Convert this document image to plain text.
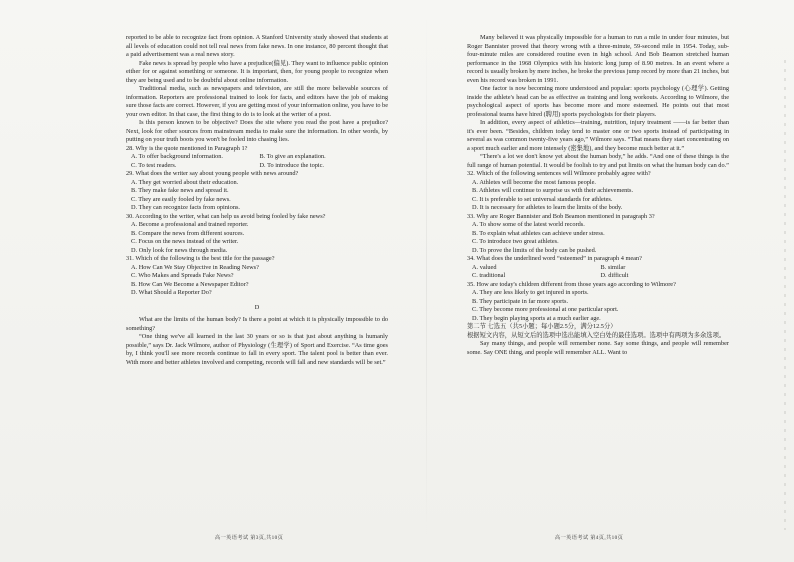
reported to be able to recognize fact from opinion. A Stanford University study showed that students at all levels of education could not tell real news from fake news. In one instance, 80 percent thought that a paid advertisement was a real news story.

Fake news is spread by people who have a prejudice(偏见). They want to influence public opinion either for or against something or someone. It is important, then, for young people to recognize when they are being used and to be doubtful about online information.

Traditional media, such as newspapers and television, are still the more believable sources of information. Reporters are professional trained to look for facts, and editors have the job of making sure those facts are correct. However, if you are getting most of your information online, you have to be your own editor. In that case, the first thing to do is to look at the writer of a post.

Is this person known to be objective? Does the site where you read the post have a prejudice? Next, look for other sources from mainstream media to make sure the information. In other words, by putting on your truth boots you won't be fooled into chasing lies.

28. Why is the quote mentioned in Paragraph 1?

A. To offer background information.	B. To give an explanation.
C. To test readers.	D. To introduce the topic.

29. What does the writer say about young people with news around?

A. They get worried about their education.

B. They make fake news and spread it.

C. They are easily fooled by fake news.

D. They can recognize facts from opinions.

30. According to the writer, what can help us avoid being fooled by fake news?

A. Become a professional and trained reporter.

B. Compare the news from different sources.

C. Focus on the news instead of the writer.

D. Only look for news through media.

31. Which of the following is the best title for the passage?

A. How Can We Stay Objective in Reading News?

C. Who Makes and Spreads Fake News?

B. How Can We Become a Newspaper Editor?

D. What Should a Reporter Do?

D

What are the limits of the human body? Is there a point at which it is physically impossible to do something?

“One thing we've all learned in the last 30 years or so is that just about anything is humanly possible,” says Dr. Jack Wilmore, author of Physiology (生理学) of Sport and Exercise. “As time goes by, I think you'll see more records continue to fall in every sport. The talent pool is better than ever. With more and better athletes involved and competing, records will fall and new standards will be set.”

Many believed it was physically impossible for a human to run a mile in under four minutes, but Roger Bannister proved that theory wrong with a three-minute, 59-second mile in 1954. Today, sub-four-minute miles are considered routine even in high school. And Bob Beamon stretched human performance in the 1968 Olympics with his historic long jump of 8.90 metres. In an event where a record is usually broken by mere inches, he broke the previous jump record by more than 21 inches, but even his record was broken in 1991.

One factor is now becoming more understood and popular: sports psychology (心理学). Getting inside the athlete's head can be as effective as training and long workouts. According to Wilmore, the psychological aspect of sports has become more and more esteemed. He points out that most professional teams have hired (聘用) sports psychologists for their players.

In addition, every aspect of athletics—training, nutrition, injury treatment ——is far better than it's ever been. “Besides, children today tend to master one or two sports instead of participating in several as was common twenty-five years ago,” Wilmore says. “That means they start concentrating on a sport much earlier and more intensely (密集地), and they become much better at it.”

“There's a lot we don't know yet about the human body,” he adds. “And one of these things is the full range of human potential. It would be foolish to try and put limits on what the human body can do.”

32. Which of the following sentences will Wilmore probably agree with?

A. Athletes will become the most famous people.

B. Athletes will continue to surprise us with their achievements.

C. It is preferable to set universal standards for athletes.

D. It is necessary for athletes to learn the limits of the body.

33. Why are Roger Bannister and Bob Beamon mentioned in paragraph 3?

A. To show some of the latest world records.

B. To explain what athletes can achieve under stress.

C. To introduce two great athletes.

D. To prove the limits of the body can be pushed.

34. What does the underlined word “esteemed” in paragraph 4 mean?

A. valued	B. similar
C. traditional	D. difficult

35. How are today's children different from those years ago according to Wilmore?

A. They are less likely to get injured in sports.

B. They participate in far more sports.

C. They become more professional at one particular sport.

D. They begin playing sports at a much earlier age.

第二节 七选五（共5小题；每小题2.5分，满分12.5分）

根据短文内容，从短文后的选项中选出能填入空白处的最佳选项。选项中有两项为多余选项。

Say many things, and people will remember none. Say some things, and people will remember some. Say ONE thing, and people will remember ALL. Want to

高一英语考试 第3页,共10页	高一英语考试 第4页,共10页
